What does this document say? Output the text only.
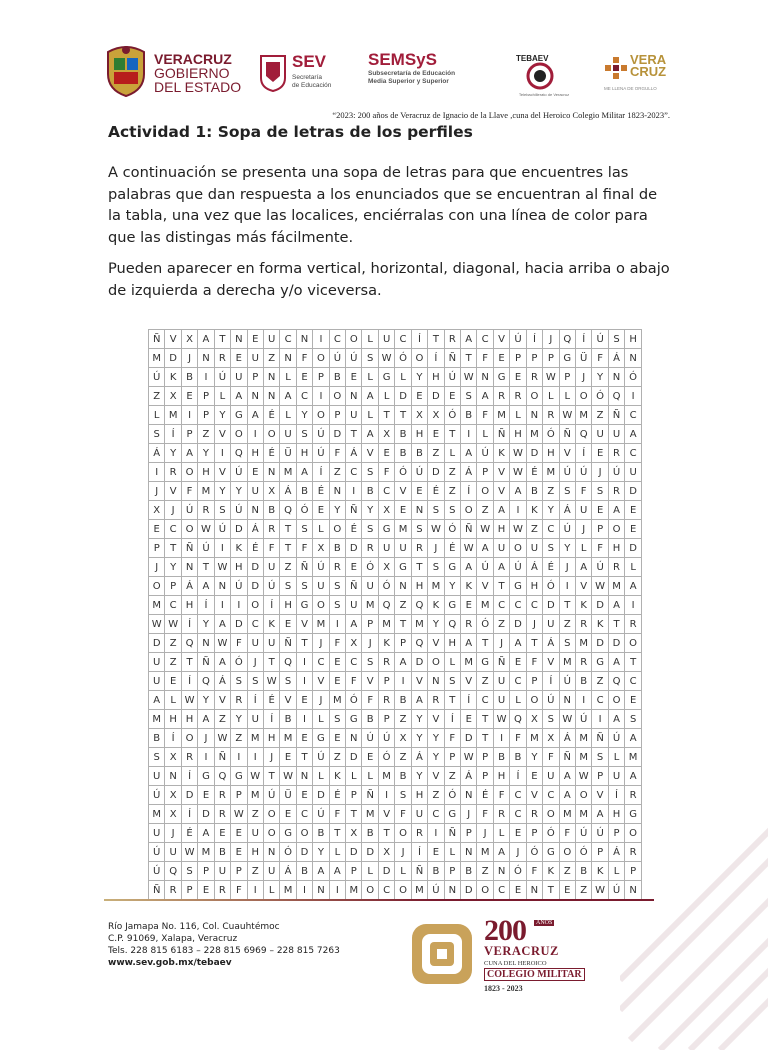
VERACRUZ
GOBIERNO
DEL ESTADO
SEV
Secretaría
de Educación
SEMSyS
Subsecretaría de Educación
Media Superior y Superior
TEBAEV
Telebachillerato de Veracruz
VERA
CRUZ
ME LLENA DE ORGULLO
“2023: 200 años de Veracruz de Ignacio de la Llave ,cuna del Heroico Colegio Militar 1823-2023”.
Actividad 1: Sopa de letras de los perfiles

A continuación se presenta una sopa de letras para que encuentres las palabras que dan respuesta a los enunciados que se encuentran al final de la tabla, una vez que las localices, enciérralas con una línea de color para que las distingas más fácilmente.

Pueden aparecer en forma vertical, horizontal, diagonal, hacia arriba o abajo de izquierda a derecha y/o viceversa.

Ñ	V	X	A	T	N	E	U	C	N	I	C	O	L	U	C	Í	T	R	A	C	V	Ú	Í	J	Q	Í	Ú	S	H
M	D	J	N	R	E	U	Z	N	F	O	Ú	Ú	S	W	Ó	O	Í	Ñ	T	F	E	P	P	P	G	Ü	F	Á	N
Ú	K	B	I	Ú	U	P	N	L	E	P	B	E	L	G	L	Y	H	Ú	W	N	G	E	R	W	P	J	Y	N	Ó
Z	X	E	P	L	A	N	N	A	C	I	O	N	A	L	D	E	D	E	S	A	R	R	O	L	L	O	Ó	Q	I
L	M	I	P	Y	G	A	É	L	Y	O	P	U	L	T	T	X	X	Ó	B	F	M	L	N	R	W	M	Z	Ñ	C
S	Í	P	Z	V	O	I	O	U	S	Ú	D	T	A	X	B	H	E	T	I	L	Ñ	H	M	Ó	Ñ	Q	U	U	A
Á	Y	A	Y	I	Q	H	É	Ü	H	Ú	F	Á	V	E	B	B	Z	L	A	Ú	K	W	D	H	V	Í	E	R	C
I	R	O	H	V	Ú	E	N	M	A	Í	Z	C	S	F	Ó	Ú	D	Z	Á	P	V	W	É	M	Ú	Ú	J	Ú	U
J	V	F	M	Y	Y	U	X	Á	B	É	N	I	B	C	V	E	É	Z	Í	O	V	A	B	Z	S	F	S	R	D
X	J	Ú	R	S	Ú	N	B	Q	Ó	E	Y	Ñ	Y	X	E	N	S	S	O	Z	A	I	K	Y	Á	U	E	A	E
E	C	O	W	Ú	D	Á	R	T	S	L	O	É	S	G	M	S	W	Ó	Ñ	W	H	W	Z	C	Ú	J	P	O	E
P	T	Ñ	Ú	I	K	É	F	T	F	X	B	D	R	U	U	R	J	É	W	A	U	O	U	S	Y	L	F	H	D
J	Y	N	T	W	H	D	U	Z	Ñ	Ú	R	E	Ó	X	G	T	S	G	A	Ú	A	Ú	Á	É	J	A	Ú	R	L
O	P	Á	A	N	Ú	D	Ú	S	S	U	S	Ñ	U	Ó	N	H	M	Y	K	V	T	G	H	Ó	I	V	W	M	A
M	C	H	Í	I	I	O	Í	H	G	O	S	U	M	Q	Z	Q	K	G	E	M	C	C	C	D	T	K	D	A	I
W	W	Í	Y	A	D	C	K	E	V	M	I	A	P	M	T	M	Y	Q	R	Ó	Z	D	J	U	Z	R	K	T	R
D	Z	Q	N	W	F	U	U	Ñ	T	J	F	X	J	K	P	Q	V	H	A	T	J	A	T	Á	S	M	D	D	O
U	Z	T	Ñ	A	Ó	J	T	Q	I	C	E	C	S	R	A	D	O	L	M	G	Ñ	E	F	V	M	R	G	A	T
U	E	Í	Q	Á	S	S	W	S	I	V	E	F	V	P	I	V	N	S	V	Z	U	C	P	Í	Ú	B	Z	Q	C
A	L	W	Y	V	R	Í	É	V	E	J	M	Ó	F	R	B	A	R	T	Í	C	U	L	O	Ú	N	I	C	O	E
M	H	H	A	Z	Y	U	Í	B	I	L	S	G	B	P	Z	Y	V	Í	E	T	W	Q	X	S	W	Ú	I	A	S
B	Í	O	J	W	Z	M	H	M	E	G	E	N	Ú	Ú	X	Y	Y	F	D	T	I	F	M	X	Á	M	Ñ	Ú	A
S	X	R	I	Ñ	I	I	J	E	T	Ú	Z	D	E	Ó	Z	Á	Y	P	W	P	B	B	Y	F	Ñ	M	S	L	M
U	N	Í	G	Q	G	W	T	W	N	L	K	L	L	M	B	Y	V	Z	Á	P	H	Í	E	U	A	W	P	U	A
Ú	X	D	E	R	P	M	Ú	Ü	E	D	É	P	Ñ	I	S	H	Z	Ó	N	É	F	C	V	C	A	O	V	Í	R
M	X	Í	D	R	W	Z	O	E	C	Ú	F	T	M	V	F	U	C	G	J	F	R	C	R	O	M	M	A	H	G
U	J	É	A	E	E	U	O	G	O	B	T	X	B	T	O	R	I	Ñ	P	J	L	E	P	Ó	F	Ú	Ú	P	O
Ú	U	W	M	B	E	H	N	Ó	D	Y	L	D	D	X	J	Í	E	L	N	M	A	J	Ó	G	O	Ó	P	Á	R
Ú	Q	S	P	U	P	Z	U	Á	B	A	A	P	L	D	L	Ñ	B	P	B	Z	N	Ó	F	K	Z	B	K	L	P
Ñ	R	P	E	R	F	I	L	M	I	N	I	M	O	C	O	M	Ú	N	D	O	C	E	N	T	E	Z	W	Ú	N
Río Jamapa No. 116, Col. Cuauhtémoc
C.P. 91069, Xalapa, Veracruz
Tels. 228 815 6183 – 228 815 6969 – 228 815 7263
www.sev.gob.mx/tebaev
200	AÑOS
VERACRUZ
CUNA DEL HEROICO
COLEGIO MILITAR
1823 - 2023
